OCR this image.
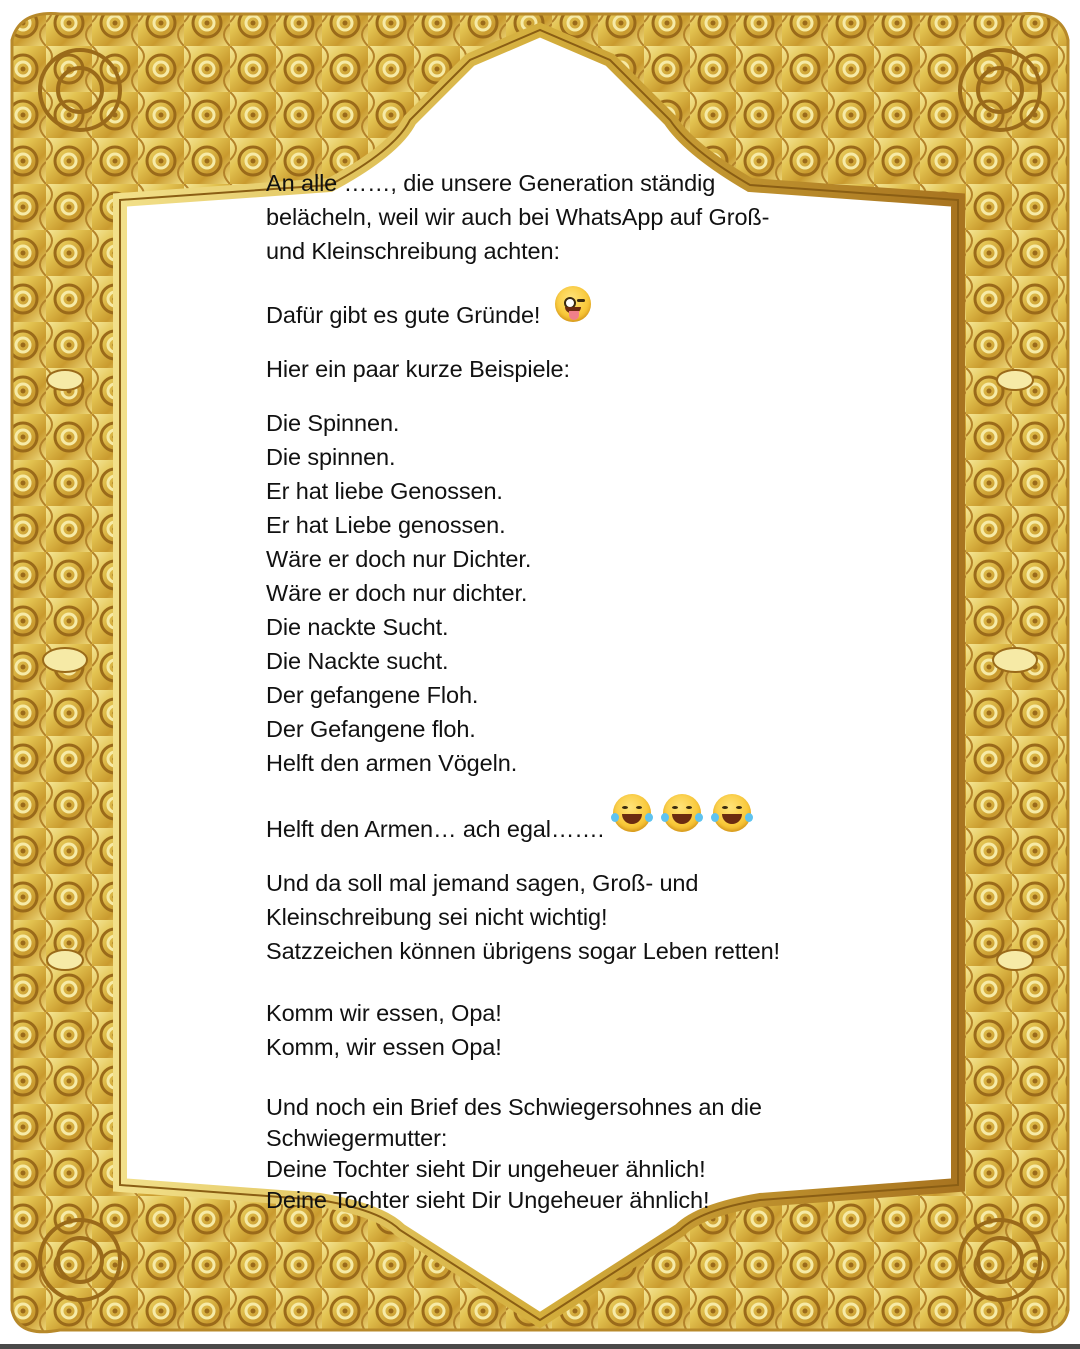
An alle ……, die unsere Generation ständig
belächeln, weil wir auch bei WhatsApp auf Groß-
und Kleinschreibung achten:

Dafür gibt es gute Gründe!

Hier ein paar kurze Beispiele:

Die Spinnen.
Die spinnen.
Er hat liebe Genossen.
Er hat Liebe genossen.
Wäre er doch nur Dichter.
Wäre er doch nur dichter.
Die nackte Sucht.
Die Nackte sucht.
Der gefangene Floh.
Der Gefangene floh.
Helft den armen Vögeln.

Helft den Armen… ach egal…….

Und da soll mal jemand sagen, Groß- und
Kleinschreibung sei nicht wichtig!
Satzzeichen können übrigens sogar Leben retten!

Komm wir essen, Opa!
Komm, wir essen Opa!

Und noch ein Brief des Schwiegersohnes an die
Schwiegermutter:
Deine Tochter sieht Dir ungeheuer ähnlich!
Deine Tochter sieht Dir Ungeheuer ähnlich!
